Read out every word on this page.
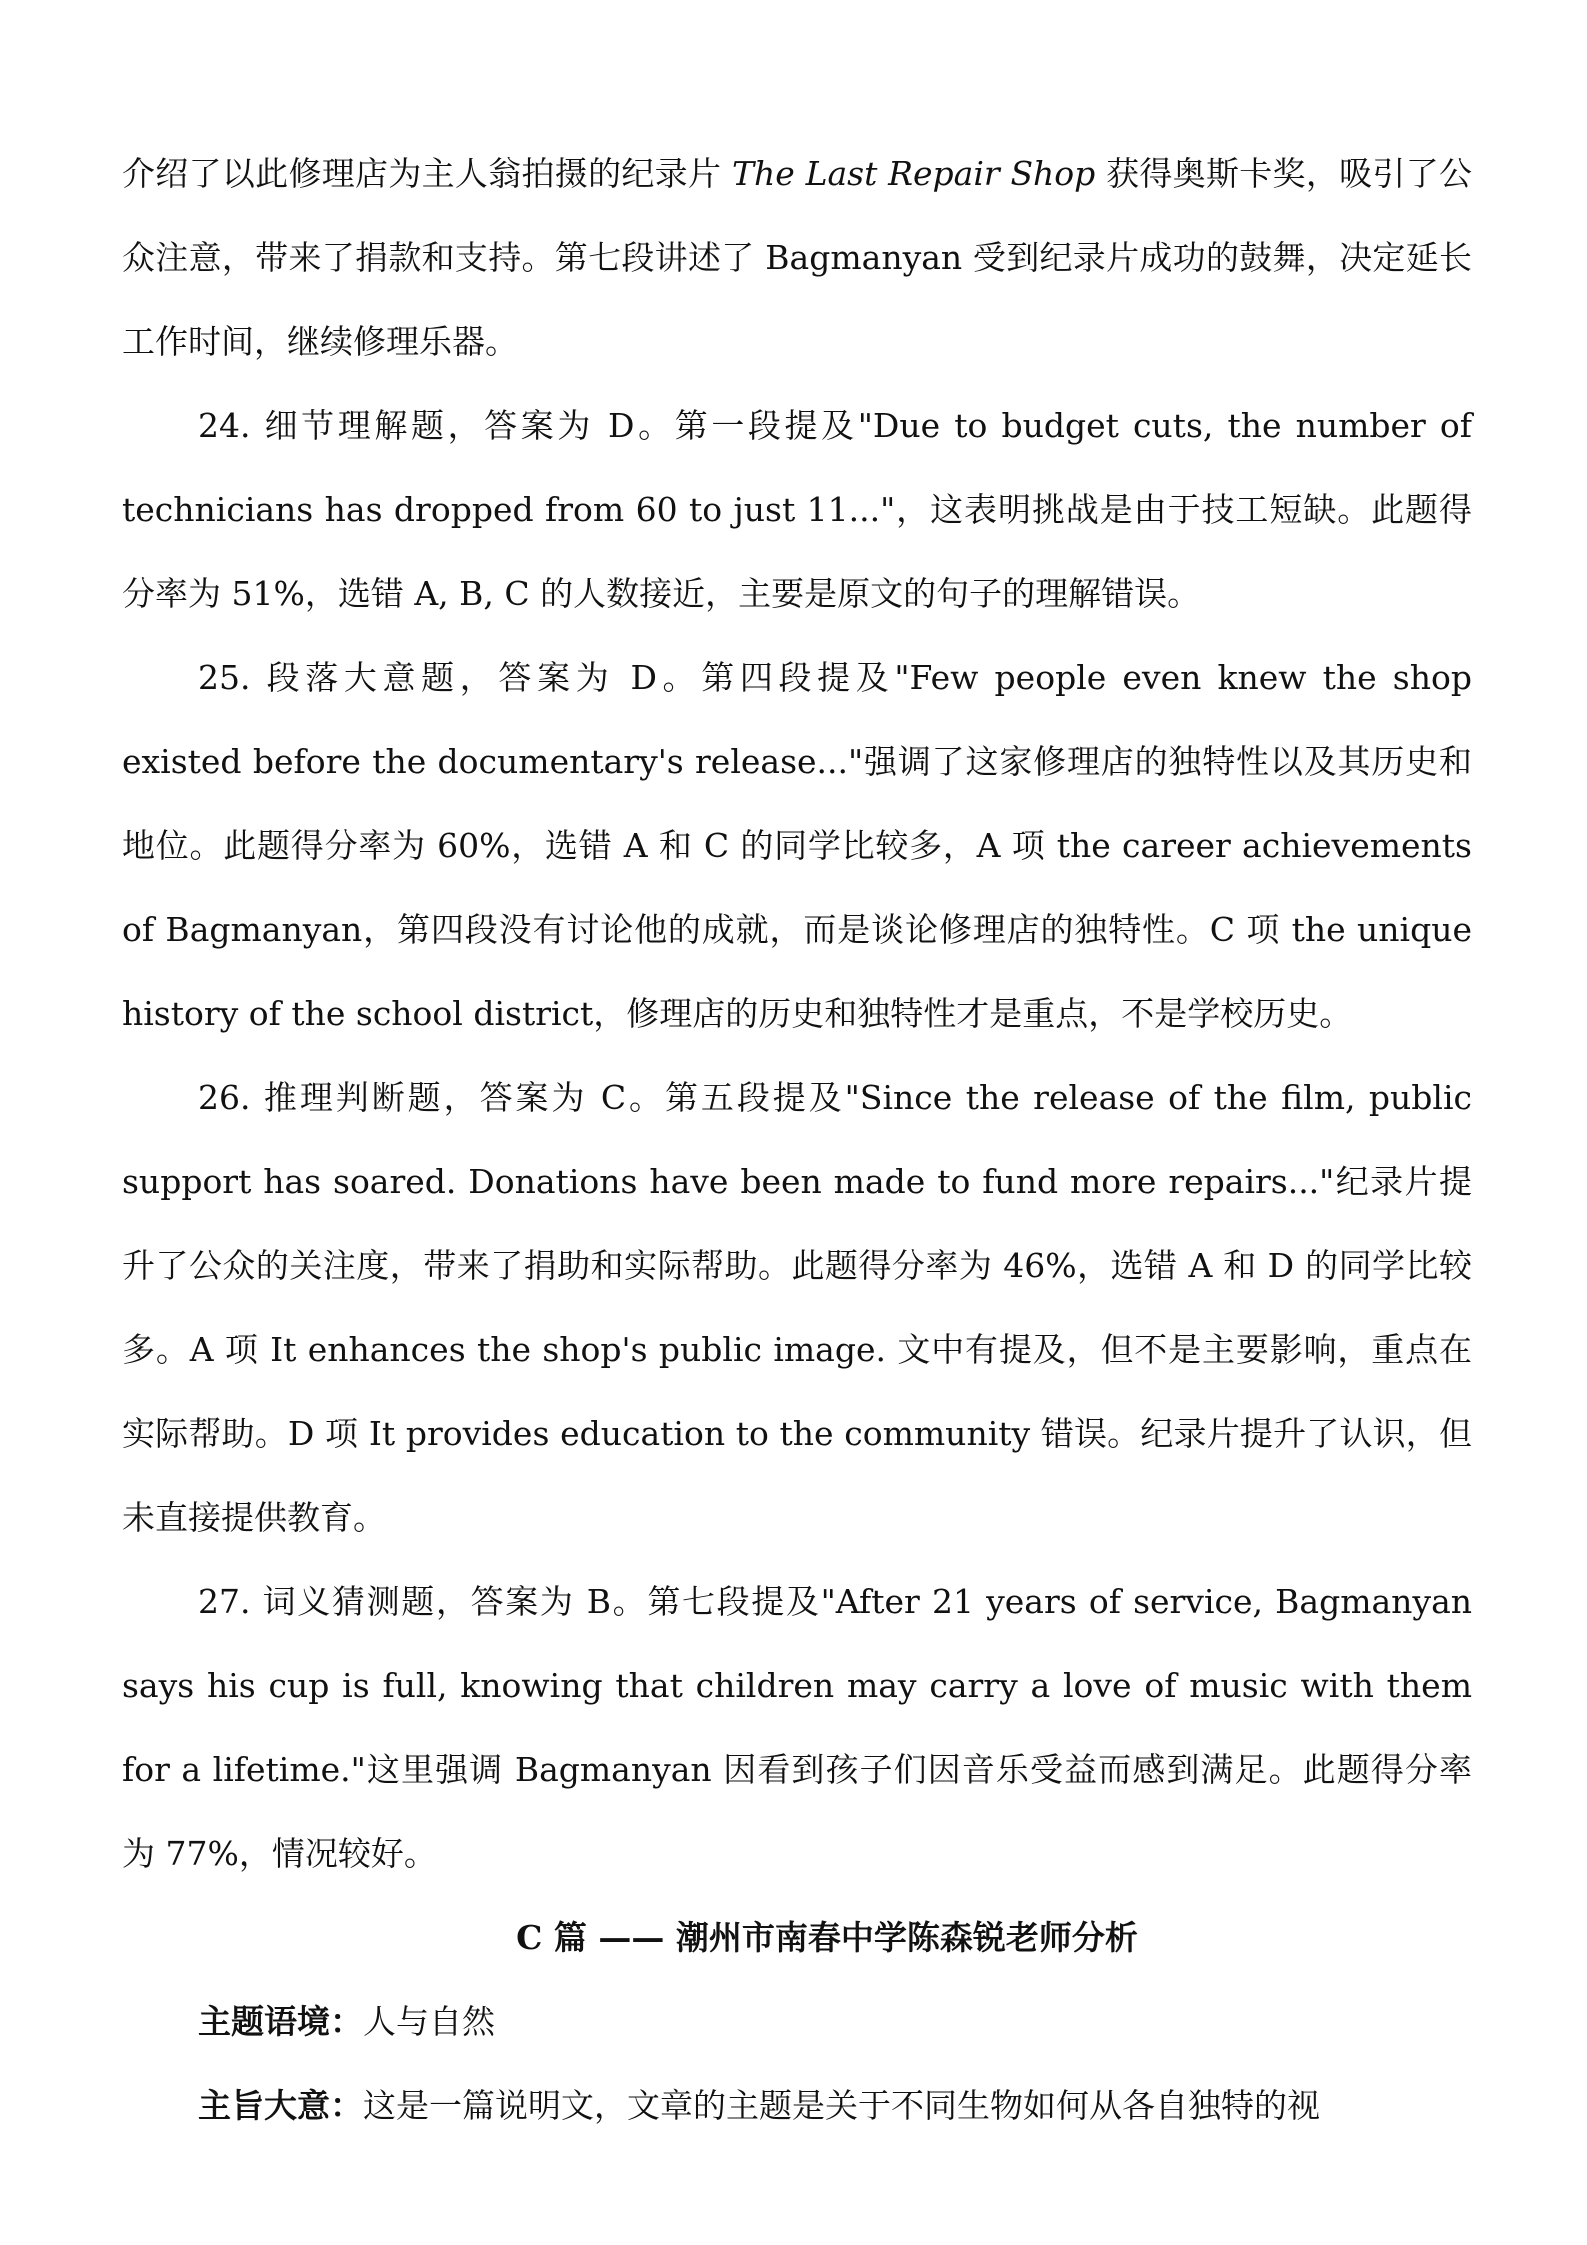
介绍了以此修理店为主人翁拍摄的纪录片 The Last Repair Shop 获得奥斯卡奖，吸引了公众注意，带来了捐款和支持。第七段讲述了 Bagmanyan 受到纪录片成功的鼓舞，决定延长工作时间，继续修理乐器。

24. 细节理解题，答案为 D。第一段提及"Due to budget cuts, the number of technicians has dropped from 60 to just 11..."，这表明挑战是由于技工短缺。此题得分率为 51%，选错 A, B, C 的人数接近，主要是原文的句子的理解错误。

25. 段落大意题，答案为 D。第四段提及"Few people even knew the shop existed before the documentary's release..."强调了这家修理店的独特性以及其历史和地位。此题得分率为 60%，选错 A 和 C 的同学比较多，A 项 the career achievements of Bagmanyan，第四段没有讨论他的成就，而是谈论修理店的独特性。C 项 the unique history of the school district，修理店的历史和独特性才是重点，不是学校历史。

26. 推理判断题，答案为 C。第五段提及"Since the release of the film, public support has soared. Donations have been made to fund more repairs..."纪录片提升了公众的关注度，带来了捐助和实际帮助。此题得分率为 46%，选错 A 和 D 的同学比较多。A 项 It enhances the shop's public image. 文中有提及，但不是主要影响，重点在实际帮助。D 项 It provides education to the community 错误。纪录片提升了认识，但未直接提供教育。

27. 词义猜测题，答案为 B。第七段提及"After 21 years of service, Bagmanyan says his cup is full, knowing that children may carry a love of music with them for a lifetime."这里强调 Bagmanyan 因看到孩子们因音乐受益而感到满足。此题得分率为 77%，情况较好。

C 篇 —— 潮州市南春中学陈森锐老师分析

主题语境：人与自然

主旨大意：这是一篇说明文，文章的主题是关于不同生物如何从各自独特的视
